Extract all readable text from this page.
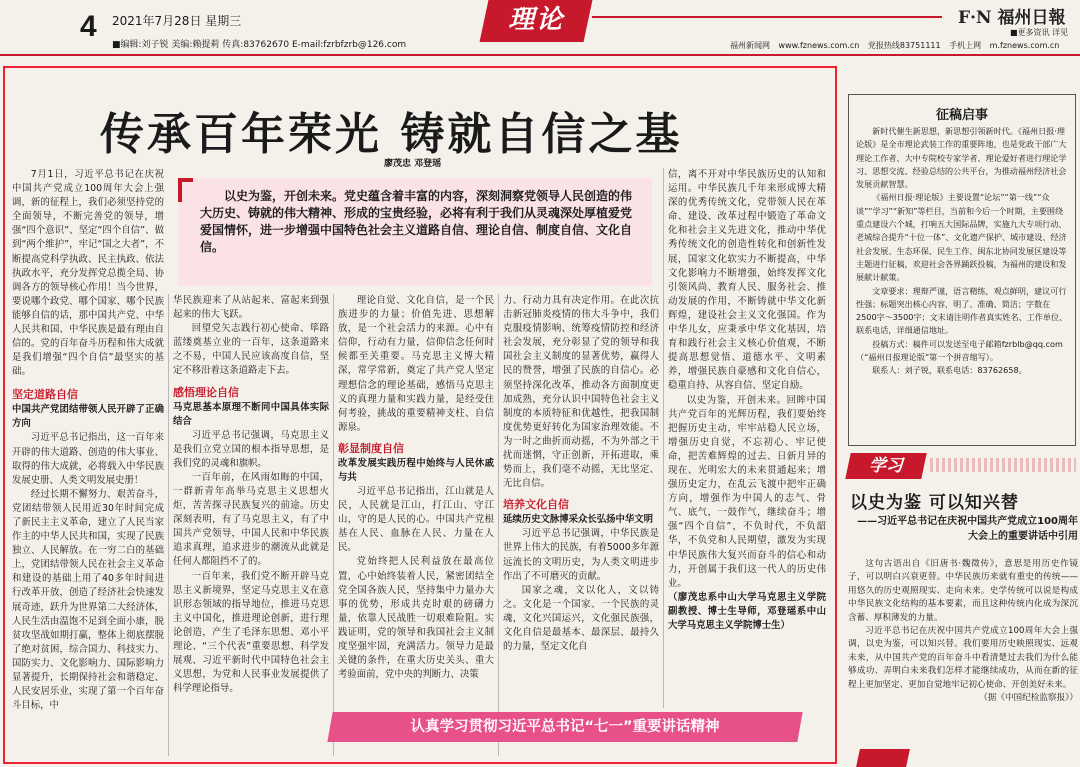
4 2021年7月28日 星期三
■编辑:刘子锐 美编:赖提莉 传真:83762670 E-mail:fzrbfzrb@126.com
理论	F·N 福州日報
■更多资讯 详见
福州新闻网 www.fznews.com.cn 党报热线83751111 手机上网 m.fznews.com.cn
传承百年荣光 铸就自信之基
廖茂忠 邓登瑶

以史为鉴，开创未来。党史蕴含着丰富的内容，深刻洞察党领导人民创造的伟大历史、铸就的伟大精神、形成的宝贵经验，必将有利于我们从灵魂深处厚植爱党爱国情怀，进一步增强中国特色社会主义道路自信、理论自信、制度自信、文化自信。

7月1日，习近平总书记在庆祝中国共产党成立100周年大会上强调，新的征程上，我们必须坚持党的全面领导，不断完善党的领导，增强“四个意识”、坚定“四个自信”、做到“两个维护”，牢记“国之大者”，不断提高党科学执政、民主执政、依法执政水平，充分发挥党总揽全局、协调各方的领导核心作用！当今世界，要说哪个政党、哪个国家、哪个民族能够自信的话，那中国共产党、中华人民共和国、中华民族是最有理由自信的。党的百年奋斗历程和伟大成就是我们增强“四个自信”最坚实的基础。

坚定道路自信
中国共产党团结带领人民开辟了正确方向

习近平总书记指出，这一百年来开辟的伟大道路、创造的伟大事业、取得的伟大成就，必将载入中华民族发展史册、人类文明发展史册！

经过长期不懈努力、艰苦奋斗，党团结带领人民用近30年时间完成了新民主主义革命，建立了人民当家作主的中华人民共和国，实现了民族独立、人民解放。在一穷二白的基础上，党团结带领人民在社会主义革命和建设的基础上用了40多年时间进行改革开放，创造了经济社会快速发展奇迹，跃升为世界第二大经济体，人民生活由温饱不足到全面小康，脱贫攻坚战如期打赢，整体上彻底摆脱了绝对贫困，综合国力、科技实力、国防实力、文化影响力、国际影响力显著提升，长期保持社会和谐稳定、人民安居乐业，实现了第一个百年奋斗目标，中

华民族迎来了从站起来、富起来到强起来的伟大飞跃。

回望党矢志践行初心使命、筚路蓝缕奠基立业的一百年，这条道路来之不易，中国人民应该高度自信，坚定不移沿着这条道路走下去。

感悟理论自信
马克思基本原理不断同中国具体实际结合

习近平总书记强调，马克思主义是我们立党立国的根本指导思想，是我们党的灵魂和旗帜。

一百年前，在风雨如晦的中国，一群新青年高举马克思主义思想火炬，苦苦探寻民族复兴的前途。历史深刻表明，有了马克思主义，有了中国共产党领导，中国人民和中华民族追求真理，追求进步的潮流从此就是任何人都阻挡不了的。

一百年来，我们党不断开辟马克思主义新境界，坚定马克思主义在意识形态领域的指导地位，推进马克思主义中国化，推进理论创新，进行理论创造，产生了毛泽东思想、邓小平理论、“三个代表”重要思想、科学发展观、习近平新时代中国特色社会主义思想，为党和人民事业发展提供了科学理论指导。

理论自觉、文化自信，是一个民族进步的力量；价值先进、思想解放，是一个社会活力的来源。心中有信仰，行动有力量，信仰信念任何时候都至关重要。马克思主义博大精深，常学常新，奠定了共产党人坚定理想信念的理论基础，感悟马克思主义的真理力量和实践力量，是经受住何考验，挑战的重要精神支柱、自信源泉。

彰显制度自信
改革发展实践历程中始终与人民休戚与共

习近平总书记指出，江山就是人民，人民就是江山，打江山、守江山，守的是人民的心。中国共产党根基在人民、血脉在人民、力量在人民。

党始终把人民利益放在最高位置，心中始终装着人民，紧密团结全党全国各族人民，坚持集中力量办大事的优势，形成共克时艰的磅礴力量，依靠人民战胜一切艰难险阻。实践证明，党的领导和我国社会主义制度坚强牢固，充满活力。领导力是最关键的条件，在重大历史关头、重大考验面前，党中央的判断力、决策

力、行动力具有决定作用。在此次抗击新冠肺炎疫情的伟大斗争中，我们克服疫情影响、统筹疫情防控和经济社会发展，充分彰显了党的领导和我国社会主义制度的显著优势，赢得人民的赞誉，增强了民族的自信心。必须坚持深化改革，推动各方面制度更加成熟，充分认识中国特色社会主义制度的本质特征和优越性，把我国制度优势更好转化为国家治理效能。不为一时之曲折而动摇，不为外部之干扰而迷惘，守正创新，开拓进取，乘势而上，我们毫不动摇，无比坚定、无比自信。

培养文化自信
延续历史文脉博采众长弘扬中华文明

习近平总书记强调，中华民族是世界上伟大的民族，有着5000多年源远流长的文明历史，为人类文明进步作出了不可磨灭的贡献。

国家之魂，文以化人，文以铸之。文化是一个国家、一个民族的灵魂，文化兴国运兴，文化强民族强，文化自信是最基本、最深层、最持久的力量，坚定文化自

信，离不开对中华民族历史的认知和运用。中华民族几千年来形成博大精深的优秀传统文化，党带领人民在革命、建设、改革过程中锻造了革命文化和社会主义先进文化，推动中华优秀传统文化的创造性转化和创新性发展，国家文化软实力不断提高，中华文化影响力不断增强，始终发挥文化引领风尚、教育人民、服务社会、推动发展的作用，不断铸就中华文化新辉煌，建设社会主义文化强国。作为中华儿女，应秉承中华文化基因，培育和践行社会主义核心价值观，不断提高思想觉悟、道德水平、文明素养，增强民族自豪感和文化自信心，稳重自持、从容自信、坚定自励。

以史为鉴，开创未来。回眸中国共产党百年的光辉历程，我们要始终把握历史主动，牢牢站稳人民立场，增强历史自觉，不忘初心、牢记使命，把苦难辉煌的过去、日新月异的现在、光明宏大的未来贯通起来；增强历史定力，在乱云飞渡中把牢正确方向，增强作为中国人的志气、骨气、底气，一鼓作气，继续奋斗；增强“四个自信”，不负时代，不负韶华，不负党和人民期望，激发为实现中华民族伟大复兴而奋斗的信心和动力，开创属于我们这一代人的历史伟业。

（廖茂忠系中山大学马克思主义学院副教授、博士生导师，邓登瑶系中山大学马克思主义学院博士生）

认真学习贯彻习近平总书记“七一”重要讲话精神
征稿启事

新时代催生新思想，新思想引领新时代。《福州日报·理论版》是全市理论武装工作的重要阵地，也是党政干部广大理论工作者、大中专院校专家学者、理论爱好者进行理论学习、思想交流、经验总结的公共平台，为推动福州经济社会发展贡献智慧。

《福州日报·理论版》主要设置“论坛”“第一线”“众谈”“学习”“新知”等栏目，当前和今后一个时期，主要围绕重点建设六个城，打响五大国际品牌，实施九大专项行动、老城综合提升“十位一体”、文化遗产保护、城市建设、经济社会发展、生态环保、民生工作、闽东北协同发展区建设等主题进行征稿，欢迎社会各界踊跃投稿，为福州的建设和发展献计献策。

文章要求：理辩严谨，语言精练，观点鲜明，建议可行性强；标题突出核心内容，明了、准确、简洁；字数在2500字～3500字；文末请注明作者真实姓名、工作单位、联系电话，详细通信地址。

投稿方式：稿件可以发送至电子邮箱fzrblb@qq.com（“福州日报理论版”第一个拼音缩写）。

联系人：刘子锐，联系电话：83762658。

学习
以史为鉴 可以知兴替
——习近平总书记在庆祝中国共产党成立100周年大会上的重要讲话中引用

这句古语出自《旧唐书·魏徵传》，意思是用历史作镜子，可以明白兴衰更替。中华民族历来就有重史的传统——用悠久的历史观照现实、走向未来。史学传统可以说是构成中华民族文化结构的基本要素，而且这种传统内化成为深沉含蓄、厚积薄发的力量。

习近平总书记在庆祝中国共产党成立100周年大会上强调，以史为鉴，可以知兴替。我们要用历史映照现实、远观未来，从中国共产党的百年奋斗中看清楚过去我们为什么能够成功、弄明白未来我们怎样才能继续成功，从而在新的征程上更加坚定、更加自觉地牢记初心使命、开创美好未来。

（据《中国纪检监察报》）
